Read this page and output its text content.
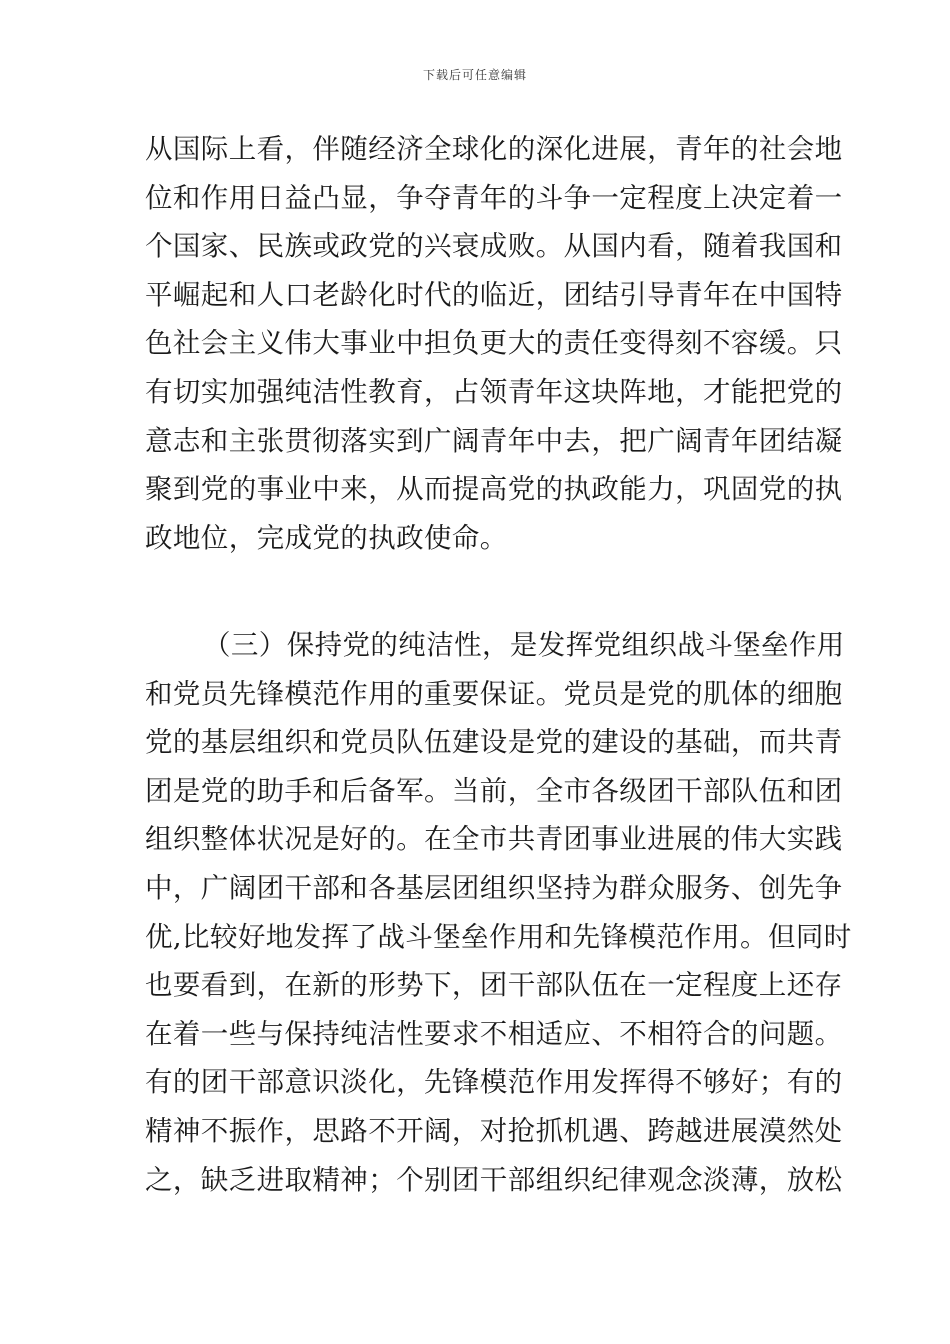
下载后可任意编辑
从国际上看，伴随经济全球化的深化进展，青年的社会地
位和作用日益凸显，争夺青年的斗争一定程度上决定着一
个国家、民族或政党的兴衰成败。从国内看，随着我国和
平崛起和人口老龄化时代的临近，团结引导青年在中国特
色社会主义伟大事业中担负更大的责任变得刻不容缓。只
有切实加强纯洁性教育，占领青年这块阵地，才能把党的
意志和主张贯彻落实到广阔青年中去，把广阔青年团结凝
聚到党的事业中来，从而提高党的执政能力，巩固党的执
政地位，完成党的执政使命。
（三）保持党的纯洁性，是发挥党组织战斗堡垒作用
和党员先锋模范作用的重要保证。党员是党的肌体的细胞
党的基层组织和党员队伍建设是党的建设的基础，而共青
团是党的助手和后备军。当前，全市各级团干部队伍和团
组织整体状况是好的。在全市共青团事业进展的伟大实践
中，广阔团干部和各基层团组织坚持为群众服务、创先争
优,比较好地发挥了战斗堡垒作用和先锋模范作用。但同时
也要看到，在新的形势下，团干部队伍在一定程度上还存
在着一些与保持纯洁性要求不相适应、不相符合的问题。
有的团干部意识淡化，先锋模范作用发挥得不够好；有的
精神不振作，思路不开阔，对抢抓机遇、跨越进展漠然处
之，缺乏进取精神；个别团干部组织纪律观念淡薄，放松
